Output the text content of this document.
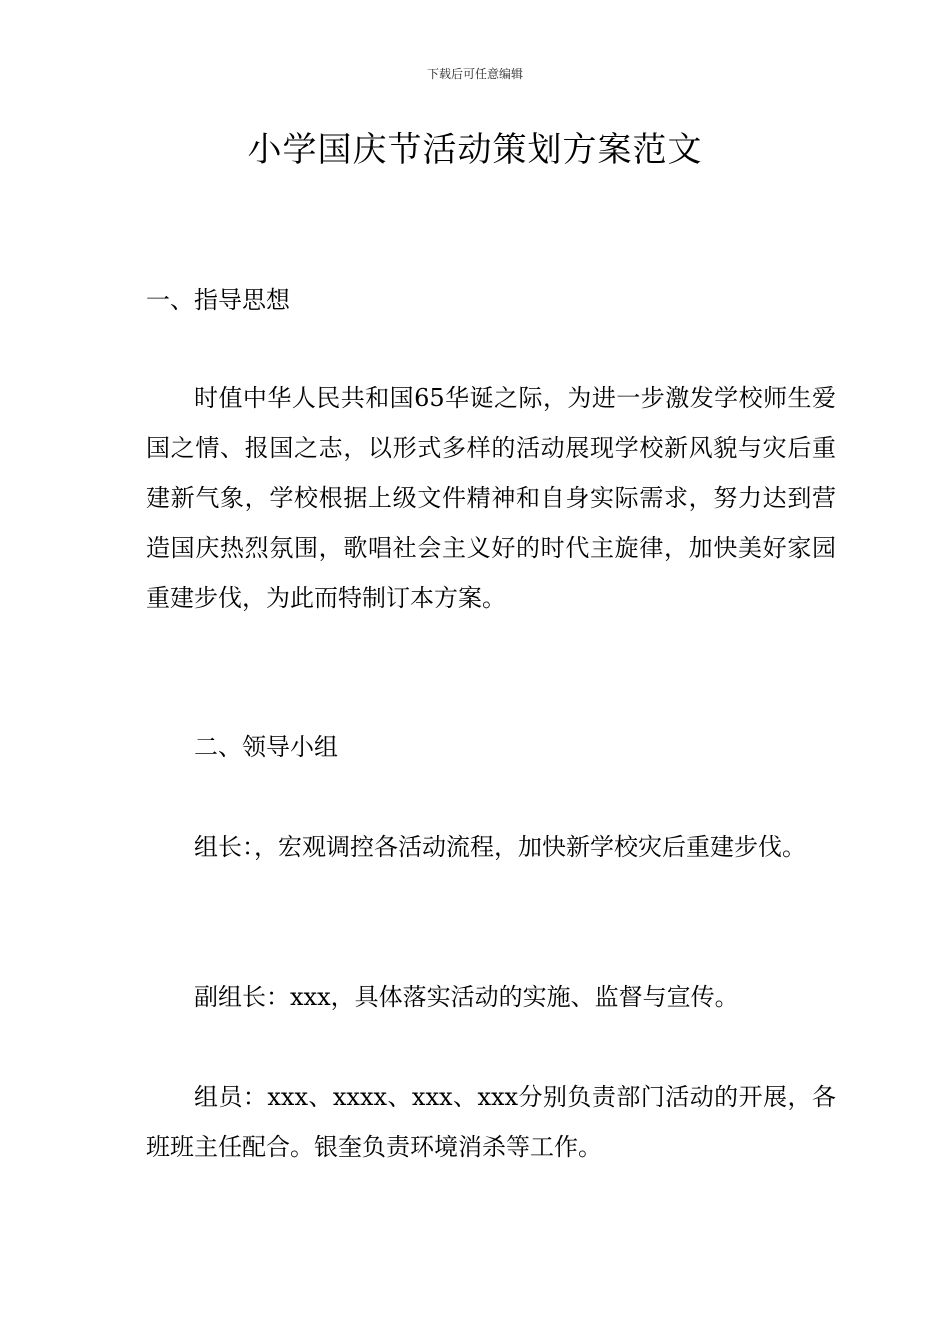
下载后可任意编辑
小学国庆节活动策划方案范文

一、指导思想

时值中华人民共和国65华诞之际，为进一步激发学校师生爱国之情、报国之志，以形式多样的活动展现学校新风貌与灾后重建新气象，学校根据上级文件精神和自身实际需求，努力达到营造国庆热烈氛围，歌唱社会主义好的时代主旋律，加快美好家园重建步伐，为此而特制订本方案。

二、领导小组

组长：，宏观调控各活动流程，加快新学校灾后重建步伐。

副组长：xxx，具体落实活动的实施、监督与宣传。

组员：xxx、xxxx、xxx、xxx分别负责部门活动的开展，各班班主任配合。银奎负责环境消杀等工作。
